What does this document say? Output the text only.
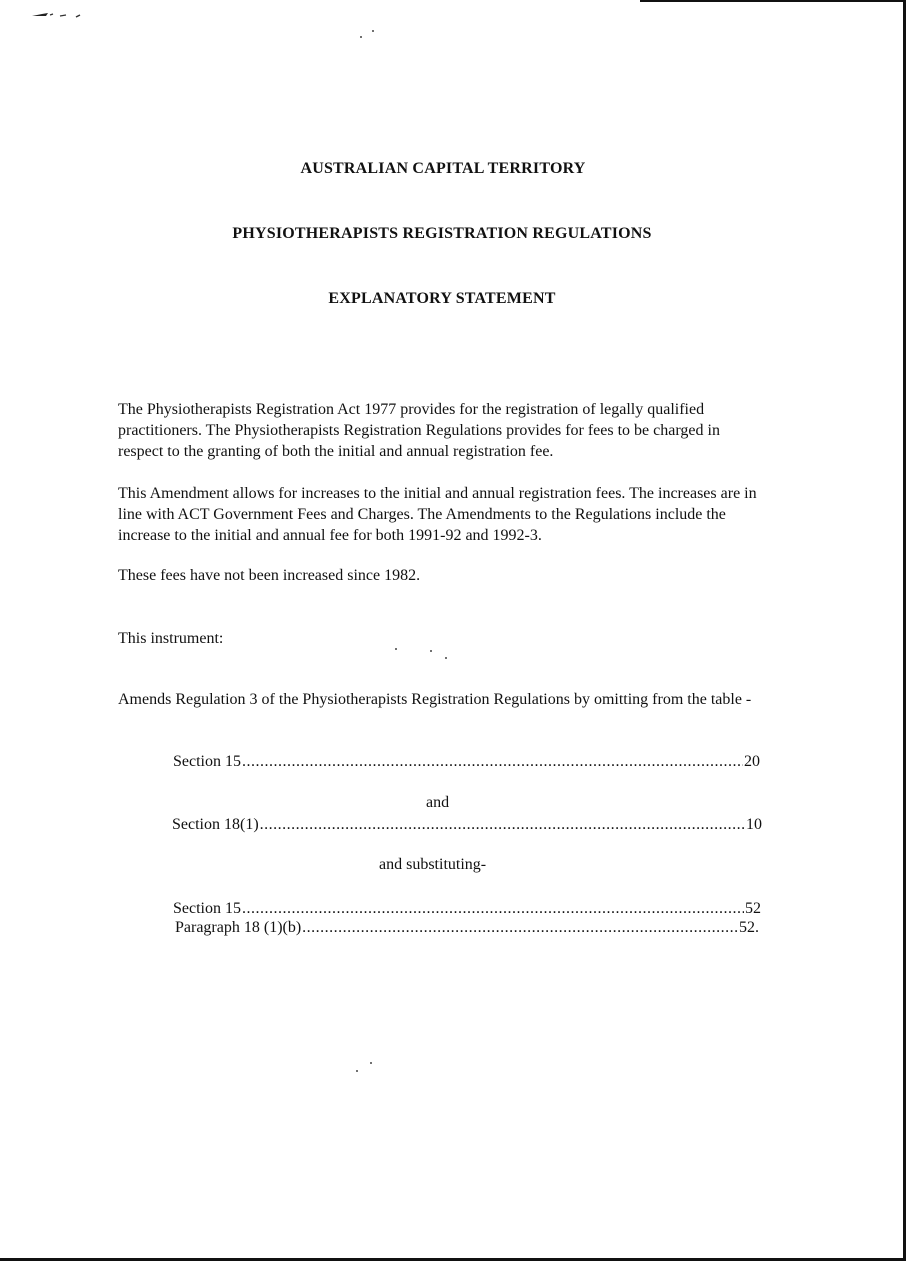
AUSTRALIAN CAPITAL TERRITORY
PHYSIOTHERAPISTS REGISTRATION REGULATIONS
EXPLANATORY STATEMENT
The Physiotherapists Registration Act 1977 provides for the registration of legally qualified practitioners. The Physiotherapists Registration Regulations provides for fees to be charged in respect to the granting of both the initial and annual registration fee.
This Amendment allows for increases to the initial and annual registration fees. The increases are in line with ACT Government Fees and Charges. The Amendments to the Regulations include the increase to the initial and annual fee for both 1991-92 and 1992-3.
These fees have not been increased since 1982.
This instrument:
Amends Regulation 3 of the Physiotherapists Registration Regulations by omitting from the table -
Section 15 .....	20
and
Section 18(1) .....	10
and substituting-
Section 15 .....	52
Paragraph 18 (1)(b) .....	52.
